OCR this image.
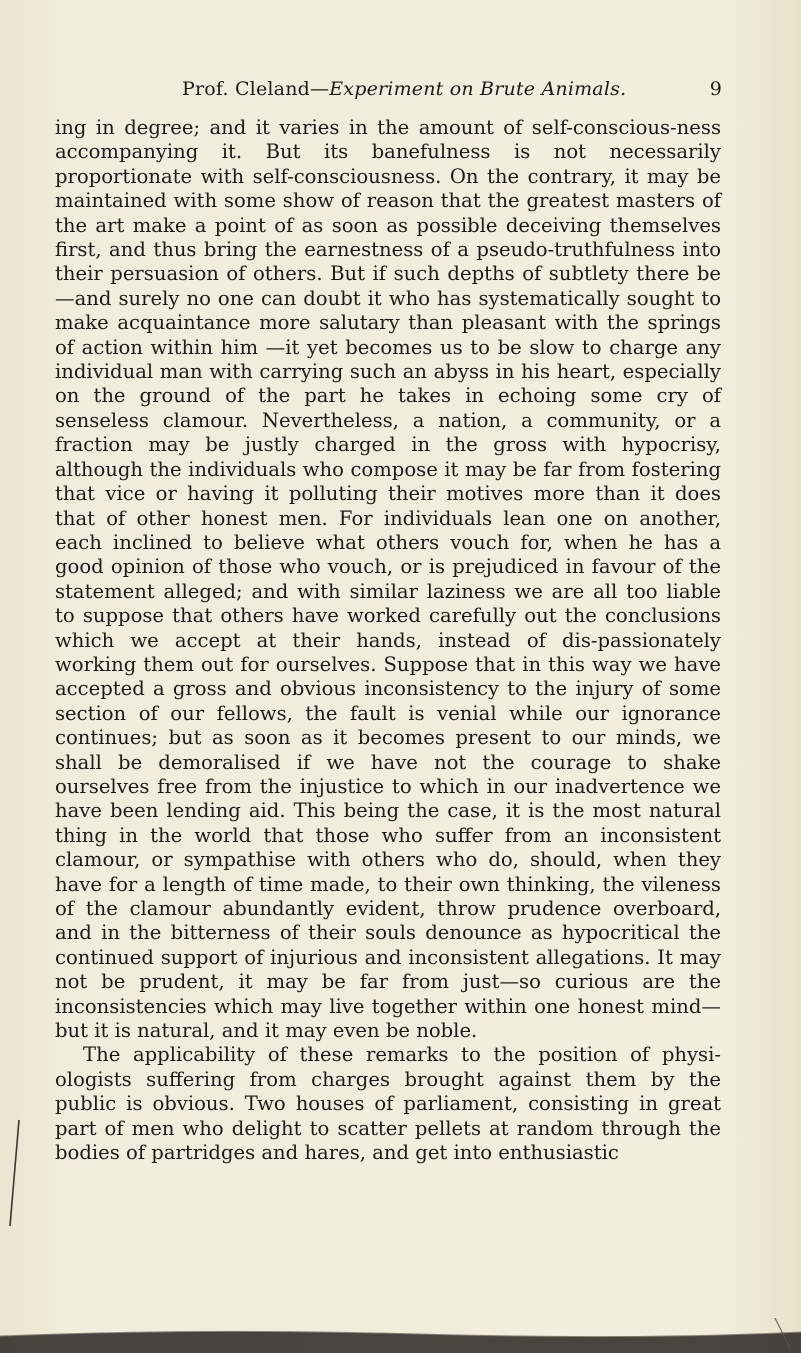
Prof. Cleland—Experiment on Brute Animals.	9

ing in degree; and it varies in the amount of self-conscious-ness accompanying it. But its banefulness is not necessarily proportionate with self-consciousness. On the contrary, it may be maintained with some show of reason that the greatest masters of the art make a point of as soon as possible deceiving themselves first, and thus bring the earnestness of a pseudo-truthfulness into their persuasion of others. But if such depths of subtlety there be—and surely no one can doubt it who has systematically sought to make acquaintance more salutary than pleasant with the springs of action within him —it yet becomes us to be slow to charge any individual man with carrying such an abyss in his heart, especially on the ground of the part he takes in echoing some cry of senseless clamour. Nevertheless, a nation, a community, or a fraction may be justly charged in the gross with hypocrisy, although the individuals who compose it may be far from fostering that vice or having it polluting their motives more than it does that of other honest men. For individuals lean one on another, each inclined to believe what others vouch for, when he has a good opinion of those who vouch, or is prejudiced in favour of the statement alleged; and with similar laziness we are all too liable to suppose that others have worked carefully out the conclusions which we accept at their hands, instead of dis-passionately working them out for ourselves. Suppose that in this way we have accepted a gross and obvious inconsistency to the injury of some section of our fellows, the fault is venial while our ignorance continues; but as soon as it becomes present to our minds, we shall be demoralised if we have not the courage to shake ourselves free from the injustice to which in our inadvertence we have been lending aid. This being the case, it is the most natural thing in the world that those who suffer from an inconsistent clamour, or sympathise with others who do, should, when they have for a length of time made, to their own thinking, the vileness of the clamour abundantly evident, throw prudence overboard, and in the bitterness of their souls denounce as hypocritical the continued support of injurious and inconsistent allegations. It may not be prudent, it may be far from just—so curious are the inconsistencies which may live together within one honest mind—but it is natural, and it may even be noble.

The applicability of these remarks to the position of physi-ologists suffering from charges brought against them by the public is obvious. Two houses of parliament, consisting in great part of men who delight to scatter pellets at random through the bodies of partridges and hares, and get into enthusiastic
